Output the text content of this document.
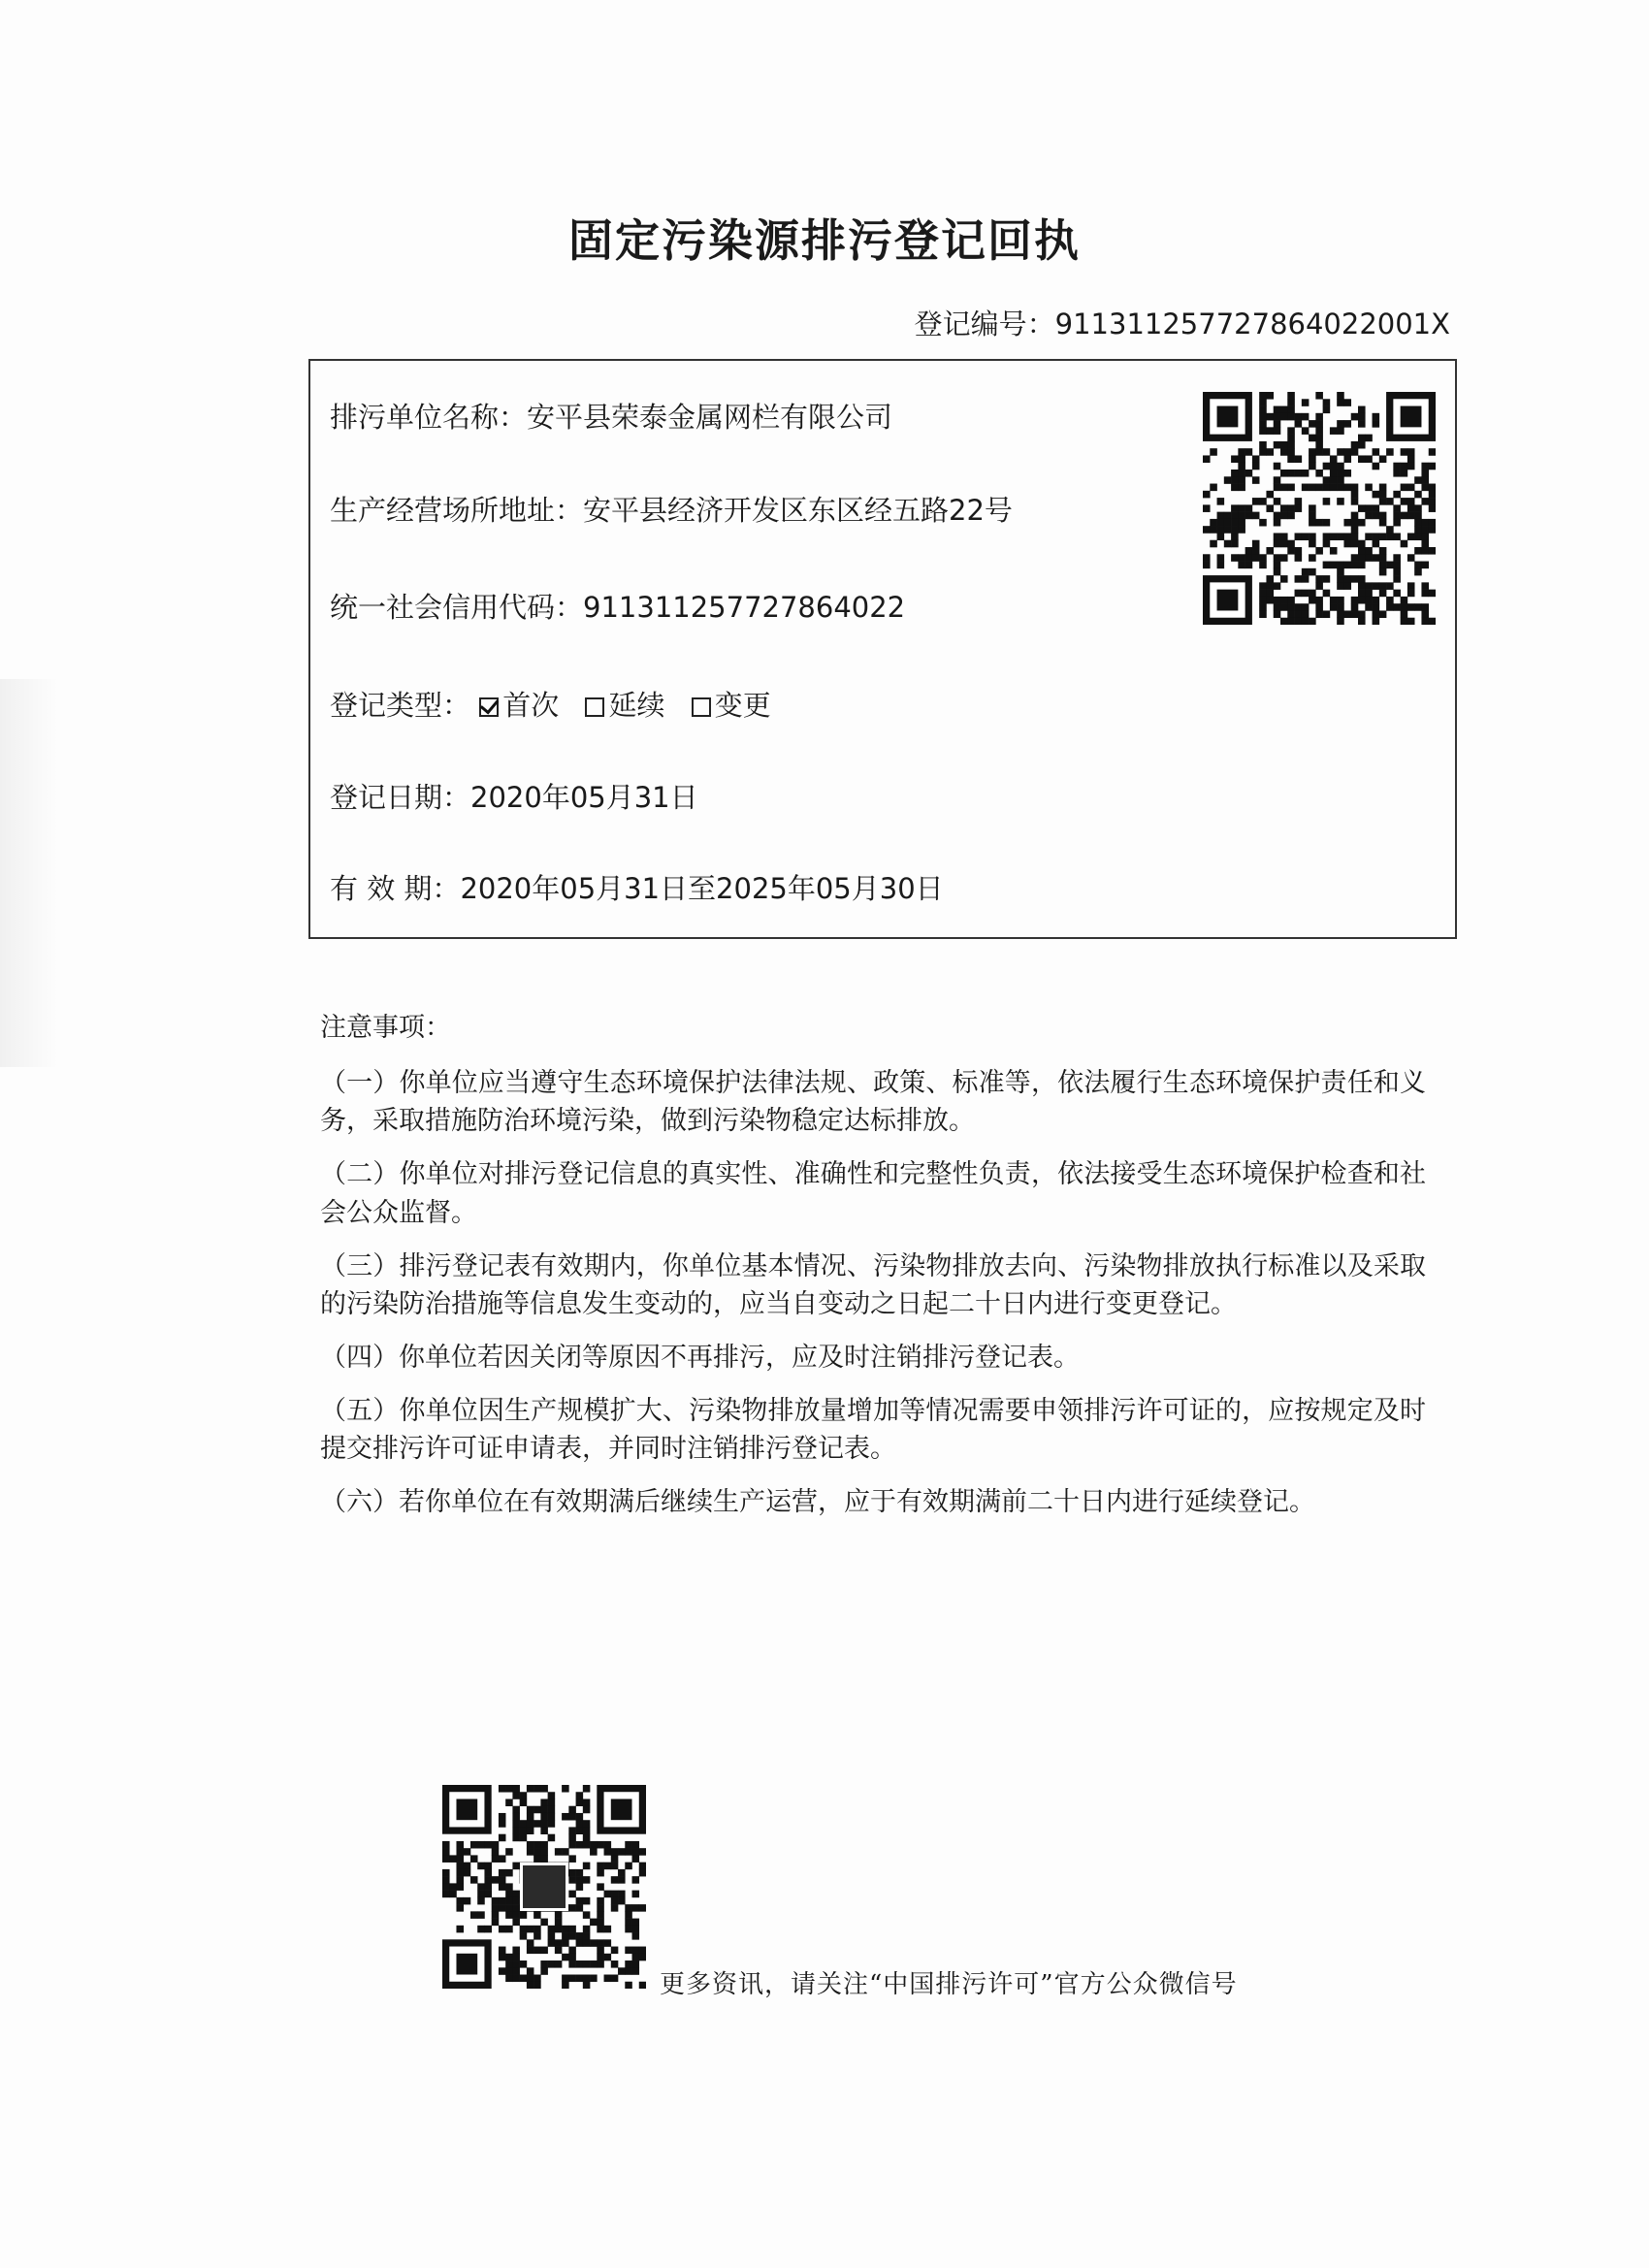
固定污染源排污登记回执
登记编号：911311257727864022001X
排污单位名称：安平县荣泰金属网栏有限公司
生产经营场所地址：安平县经济开发区东区经五路22号
统一社会信用代码：911311257727864022
登记类型： 首次 延续 变更
登记日期：2020年05月31日
有 效 期：2020年05月31日至2025年05月30日
注意事项：
（一）你单位应当遵守生态环境保护法律法规、政策、标准等，依法履行生态环境保护责任和义务，采取措施防治环境污染，做到污染物稳定达标排放。
（二）你单位对排污登记信息的真实性、准确性和完整性负责，依法接受生态环境保护检查和社会公众监督。
（三）排污登记表有效期内，你单位基本情况、污染物排放去向、污染物排放执行标准以及采取的污染防治措施等信息发生变动的，应当自变动之日起二十日内进行变更登记。
（四）你单位若因关闭等原因不再排污，应及时注销排污登记表。
（五）你单位因生产规模扩大、污染物排放量增加等情况需要申领排污许可证的，应按规定及时提交排污许可证申请表，并同时注销排污登记表。
（六）若你单位在有效期满后继续生产运营，应于有效期满前二十日内进行延续登记。
更多资讯，请关注“中国排污许可”官方公众微信号
